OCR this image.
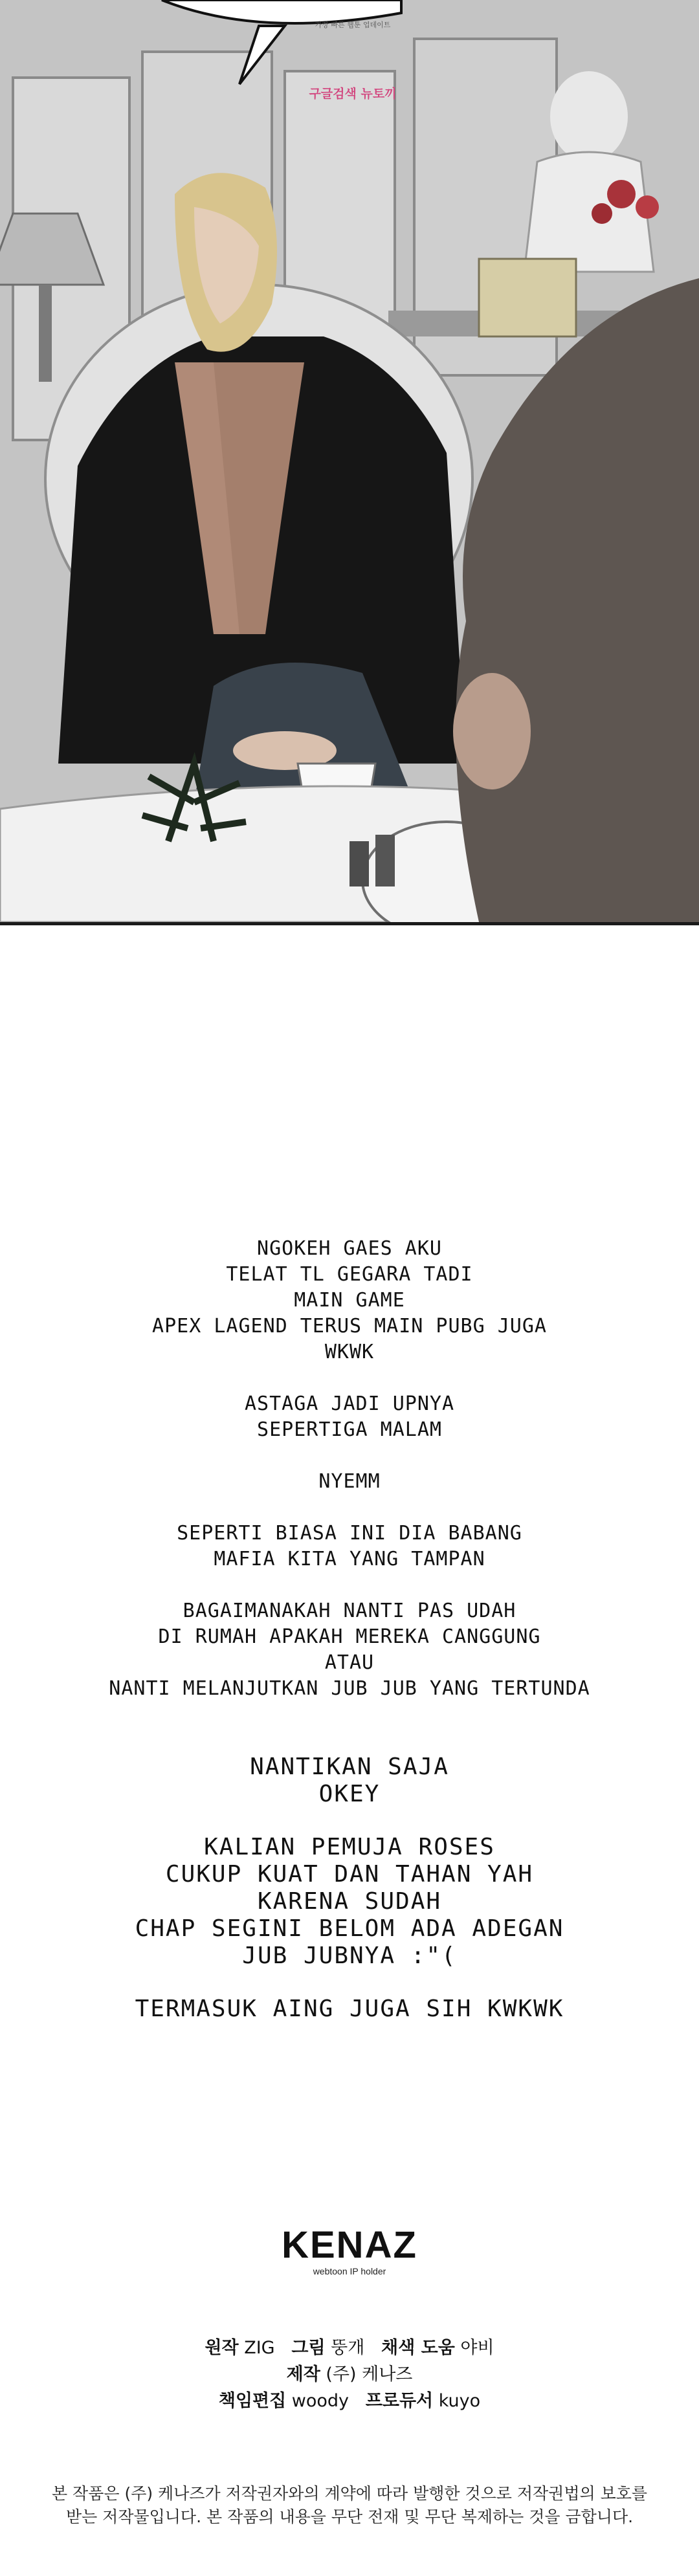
가장 빠른 웹툰 업데이트
구글검색 뉴토끼

NGOKEH GAES AKU

TELAT TL GEGARA TADI

MAIN GAME

APEX LAGEND TERUS MAIN PUBG JUGA

WKWK

ASTAGA JADI UPNYA

SEPERTIGA MALAM

NYEMM

SEPERTI BIASA INI DIA BABANG

MAFIA KITA YANG TAMPAN

BAGAIMANAKAH NANTI PAS UDAH

DI RUMAH APAKAH MEREKA CANGGUNG

ATAU

NANTI MELANJUTKAN JUB JUB YANG TERTUNDA

NANTIKAN SAJA

OKEY

KALIAN PEMUJA ROSES

CUKUP KUAT DAN TAHAN YAH

KARENA SUDAH

CHAP SEGINI BELOM ADA ADEGAN

JUB JUBNYA :"(

TERMASUK AING JUGA SIH KWKWK

KENAZ
webtoon IP holder
원작 ZIG 그림 뚱개 채색 도움 야비
제작 (주) 케나즈
책임편집 woody 프로듀서 kuyo
본 작품은 (주) 케나즈가 저작권자와의 계약에 따라 발행한 것으로 저작권법의 보호를
받는 저작물입니다. 본 작품의 내용을 무단 전재 및 무단 복제하는 것을 금합니다.
